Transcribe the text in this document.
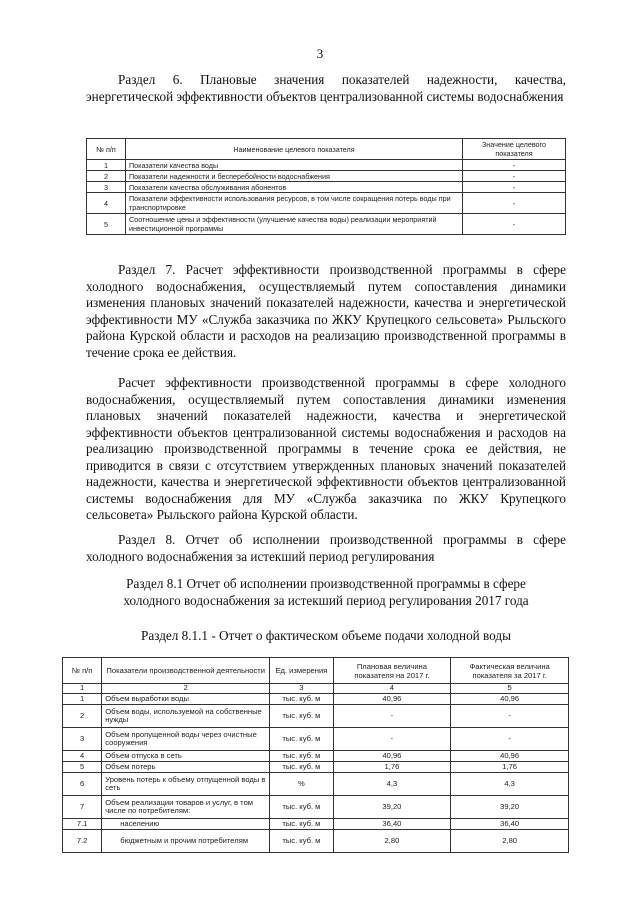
3
Раздел 6. Плановые значения показателей надежности, качества, энергетической эффективности объектов централизованной системы водоснабжения
№ п/п	Наименование целевого показателя	Значение целевого показателя
1	Показатели качества воды	-
2	Показатели надежности и бесперебойности водоснабжения	-
3	Показатели качества обслуживания абонентов	-
4	Показатели эффективности использования ресурсов, в том числе сокращения потерь воды при транспортировке	-
5	Соотношение цены и эффективности (улучшение качества воды) реализации мероприятий инвестиционной программы	-
Раздел 7. Расчет эффективности производственной программы в сфере холодного водоснабжения, осуществляемый путем сопоставления динамики изменения плановых значений показателей надежности, качества и энергетической эффективности МУ «Служба заказчика по ЖКУ Крупецкого сельсовета» Рыльского района Курской области и расходов на реализацию производственной программы в течение срока ее действия.
Расчет эффективности производственной программы в сфере холодного водоснабжения, осуществляемый путем сопоставления динамики изменения плановых значений показателей надежности, качества и энергетической эффективности объектов централизованной системы водоснабжения и расходов на реализацию производственной программы в течение срока ее действия, не приводится в связи с отсутствием утвержденных плановых значений показателей надежности, качества и энергетической эффективности объектов централизованной системы водоснабжения для МУ «Служба заказчика по ЖКУ Крупецкого сельсовета» Рыльского района Курской области.
Раздел 8. Отчет об исполнении производственной программы в сфере холодного водоснабжения за истекший период регулирования
Раздел 8.1 Отчет об исполнении производственной программы в сфере холодного водоснабжения за истекший период регулирования 2017 года
Раздел 8.1.1 - Отчет о фактическом объеме подачи холодной воды
№ п/п	Показатели производственной деятельности	Ед. измерения	Плановая величина показателя на 2017 г.	Фактическая величина показателя за 2017 г.
1	2	3	4	5
1	Объем выработки воды	тыс. куб. м	40,96	40,96
2	Объем воды, используемой на собственные нужды	тыс. куб. м	-	-
3	Объем пропущенной воды через очистные сооружения	тыс. куб. м	-	-
4	Объем отпуска в сеть	тыс. куб. м	40,96	40,96
5	Объем потерь	тыс. куб. м	1,76	1,76
6	Уровень потерь к объему отпущенной воды в сеть	%	4,3	4,3
7	Объем реализации товаров и услуг, в том числе по потребителям:	тыс. куб. м	39,20	39,20
7.1	населению	тыс. куб. м	36,40	36,40
7.2	бюджетным и прочим потребителям	тыс. куб. м	2,80	2,80
